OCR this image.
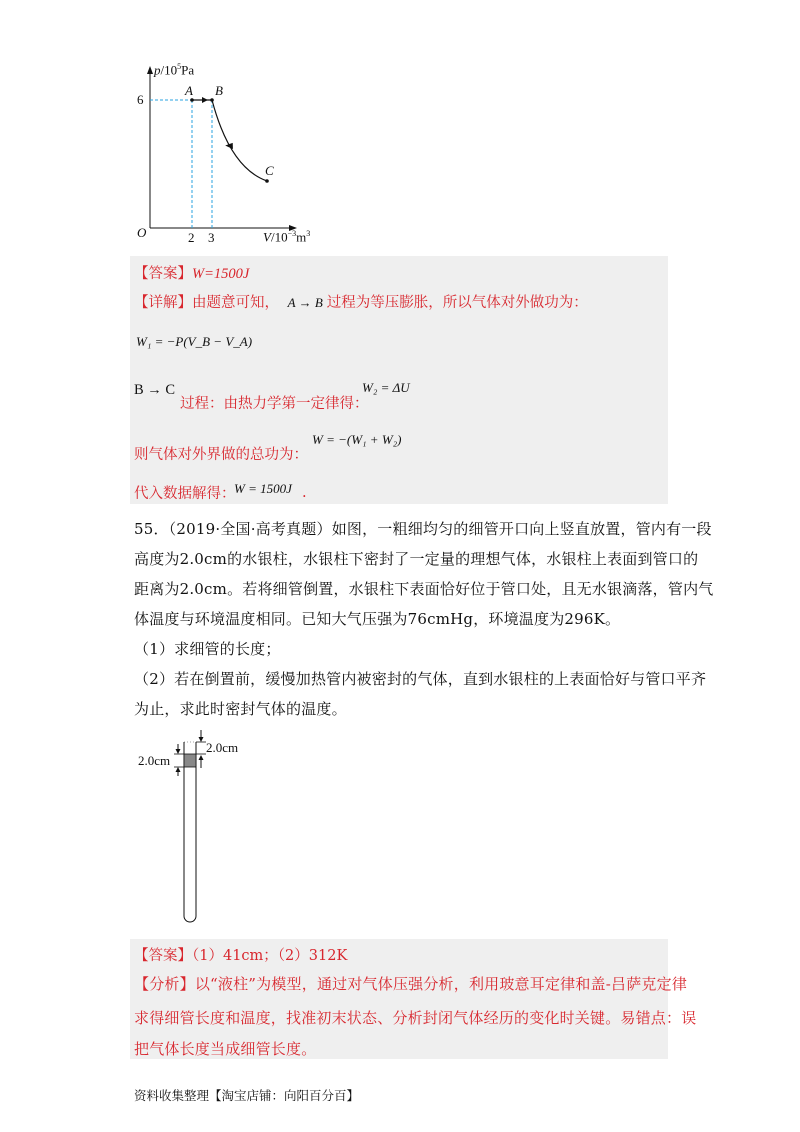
$p/10^5Pa$
6
A B
C
O	2 3	$V/10^{-3}m^3$
【答案】W=1500J
【详解】由题意可知， A → B 过程为等压膨胀，所以气体对外做功为：
W₁ = −P(V_B − V_A)
B → C
过程：由热力学第一定律得：
W₂ = ΔU
则气体对外界做的总功为：
W = −(W₁ + W₂)
代入数据解得：
W = 1500J .
55．（2019·全国·高考真题）如图，一粗细均匀的细管开口向上竖直放置，管内有一段
高度为2.0cm的水银柱，水银柱下密封了一定量的理想气体，水银柱上表面到管口的
距离为2.0cm。若将细管倒置，水银柱下表面恰好位于管口处，且无水银滴落，管内气
体温度与环境温度相同。已知大气压强为76cmHg，环境温度为296K。
（1）求细管的长度；
（2）若在倒置前，缓慢加热管内被密封的气体，直到水银柱的上表面恰好与管口平齐
为止，求此时密封气体的温度。
2.0cm
2.0cm
【答案】（1）41cm；（2）312K
【分析】以“液柱”为模型，通过对气体压强分析，利用玻意耳定律和盖-吕萨克定律
求得细管长度和温度，找准初末状态、分析封闭气体经历的变化时关键。易错点：误
把气体长度当成细管长度。
资料收集整理【淘宝店铺：向阳百分百】
